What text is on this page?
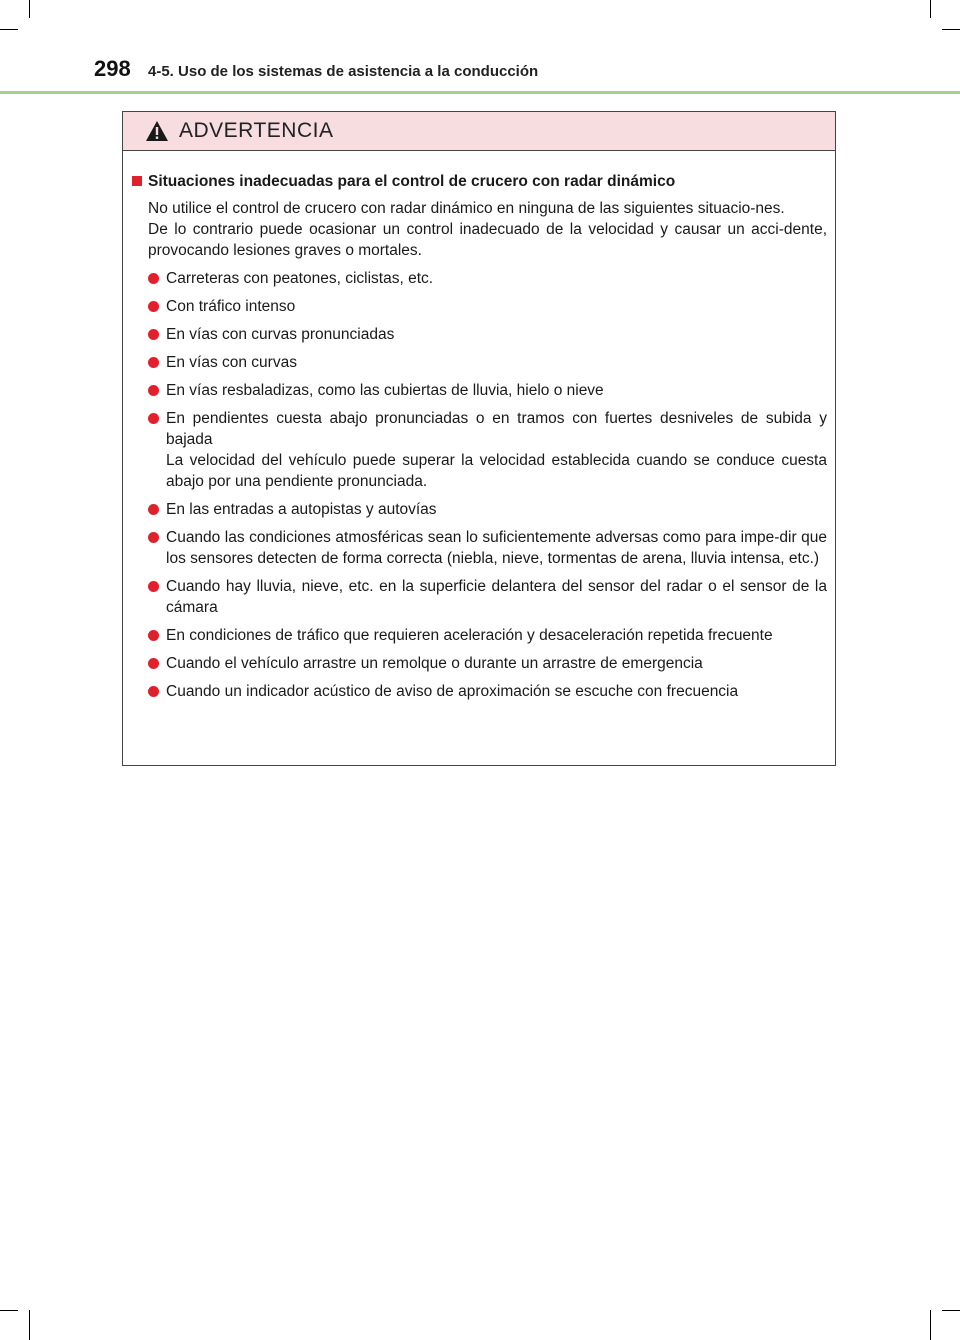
298 4-5. Uso de los sistemas de asistencia a la conducción
ADVERTENCIA
Situaciones inadecuadas para el control de crucero con radar dinámico

No utilice el control de crucero con radar dinámico en ninguna de las siguientes situacio-nes.

De lo contrario puede ocasionar un control inadecuado de la velocidad y causar un acci-dente, provocando lesiones graves o mortales.

Carreteras con peatones, ciclistas, etc.
Con tráfico intenso
En vías con curvas pronunciadas
En vías con curvas
En vías resbaladizas, como las cubiertas de lluvia, hielo o nieve

En pendientes cuesta abajo pronunciadas o en tramos con fuertes desniveles de subida y bajada

La velocidad del vehículo puede superar la velocidad establecida cuando se conduce cuesta abajo por una pendiente pronunciada.

En las entradas a autopistas y autovías
Cuando las condiciones atmosféricas sean lo suficientemente adversas como para impe-dir que los sensores detecten de forma correcta (niebla, nieve, tormentas de arena, lluvia intensa, etc.)
Cuando hay lluvia, nieve, etc. en la superficie delantera del sensor del radar o el sensor de la cámara
En condiciones de tráfico que requieren aceleración y desaceleración repetida frecuente
Cuando el vehículo arrastre un remolque o durante un arrastre de emergencia
Cuando un indicador acústico de aviso de aproximación se escuche con frecuencia
